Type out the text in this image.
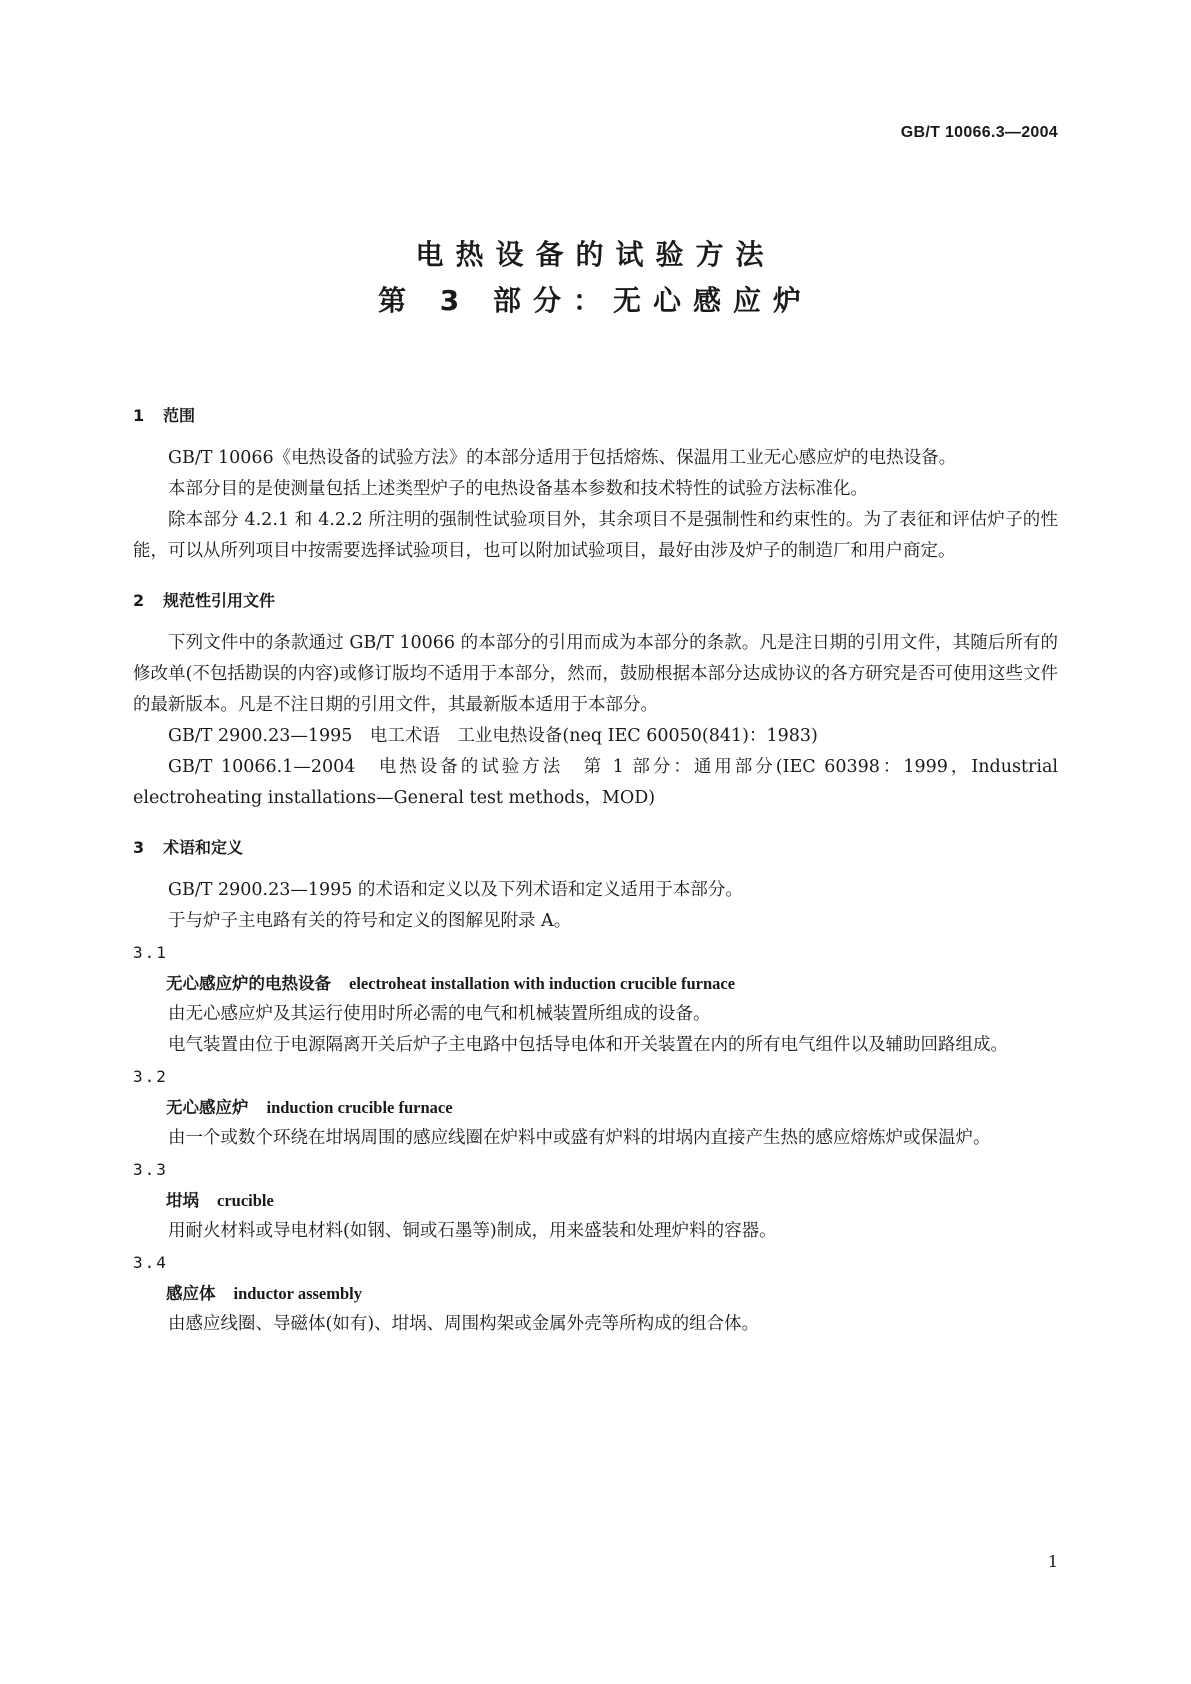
GB/T 10066.3—2004
电热设备的试验方法
第 3 部分：无心感应炉
1 范围

GB/T 10066《电热设备的试验方法》的本部分适用于包括熔炼、保温用工业无心感应炉的电热设备。

本部分目的是使测量包括上述类型炉子的电热设备基本参数和技术特性的试验方法标准化。

除本部分 4.2.1 和 4.2.2 所注明的强制性试验项目外，其余项目不是强制性和约束性的。为了表征和评估炉子的性能，可以从所列项目中按需要选择试验项目，也可以附加试验项目，最好由涉及炉子的制造厂和用户商定。

2 规范性引用文件

下列文件中的条款通过 GB/T 10066 的本部分的引用而成为本部分的条款。凡是注日期的引用文件，其随后所有的修改单(不包括勘误的内容)或修订版均不适用于本部分，然而，鼓励根据本部分达成协议的各方研究是否可使用这些文件的最新版本。凡是不注日期的引用文件，其最新版本适用于本部分。

GB/T 2900.23—1995　电工术语　工业电热设备(neq IEC 60050(841)：1983)

GB/T 10066.1—2004　电热设备的试验方法　第 1 部分：通用部分(IEC 60398：1999，Industrial electroheating installations—General test methods，MOD)

3 术语和定义

GB/T 2900.23—1995 的术语和定义以及下列术语和定义适用于本部分。

于与炉子主电路有关的符号和定义的图解见附录 A。

3.1

无心感应炉的电热设备 electroheat installation with induction crucible furnace

由无心感应炉及其运行使用时所必需的电气和机械装置所组成的设备。

电气装置由位于电源隔离开关后炉子主电路中包括导电体和开关装置在内的所有电气组件以及辅助回路组成。

3.2

无心感应炉 induction crucible furnace

由一个或数个环绕在坩埚周围的感应线圈在炉料中或盛有炉料的坩埚内直接产生热的感应熔炼炉或保温炉。

3.3

坩埚 crucible

用耐火材料或导电材料(如钢、铜或石墨等)制成，用来盛装和处理炉料的容器。

3.4

感应体 inductor assembly

由感应线圈、导磁体(如有)、坩埚、周围构架或金属外壳等所构成的组合体。

1
